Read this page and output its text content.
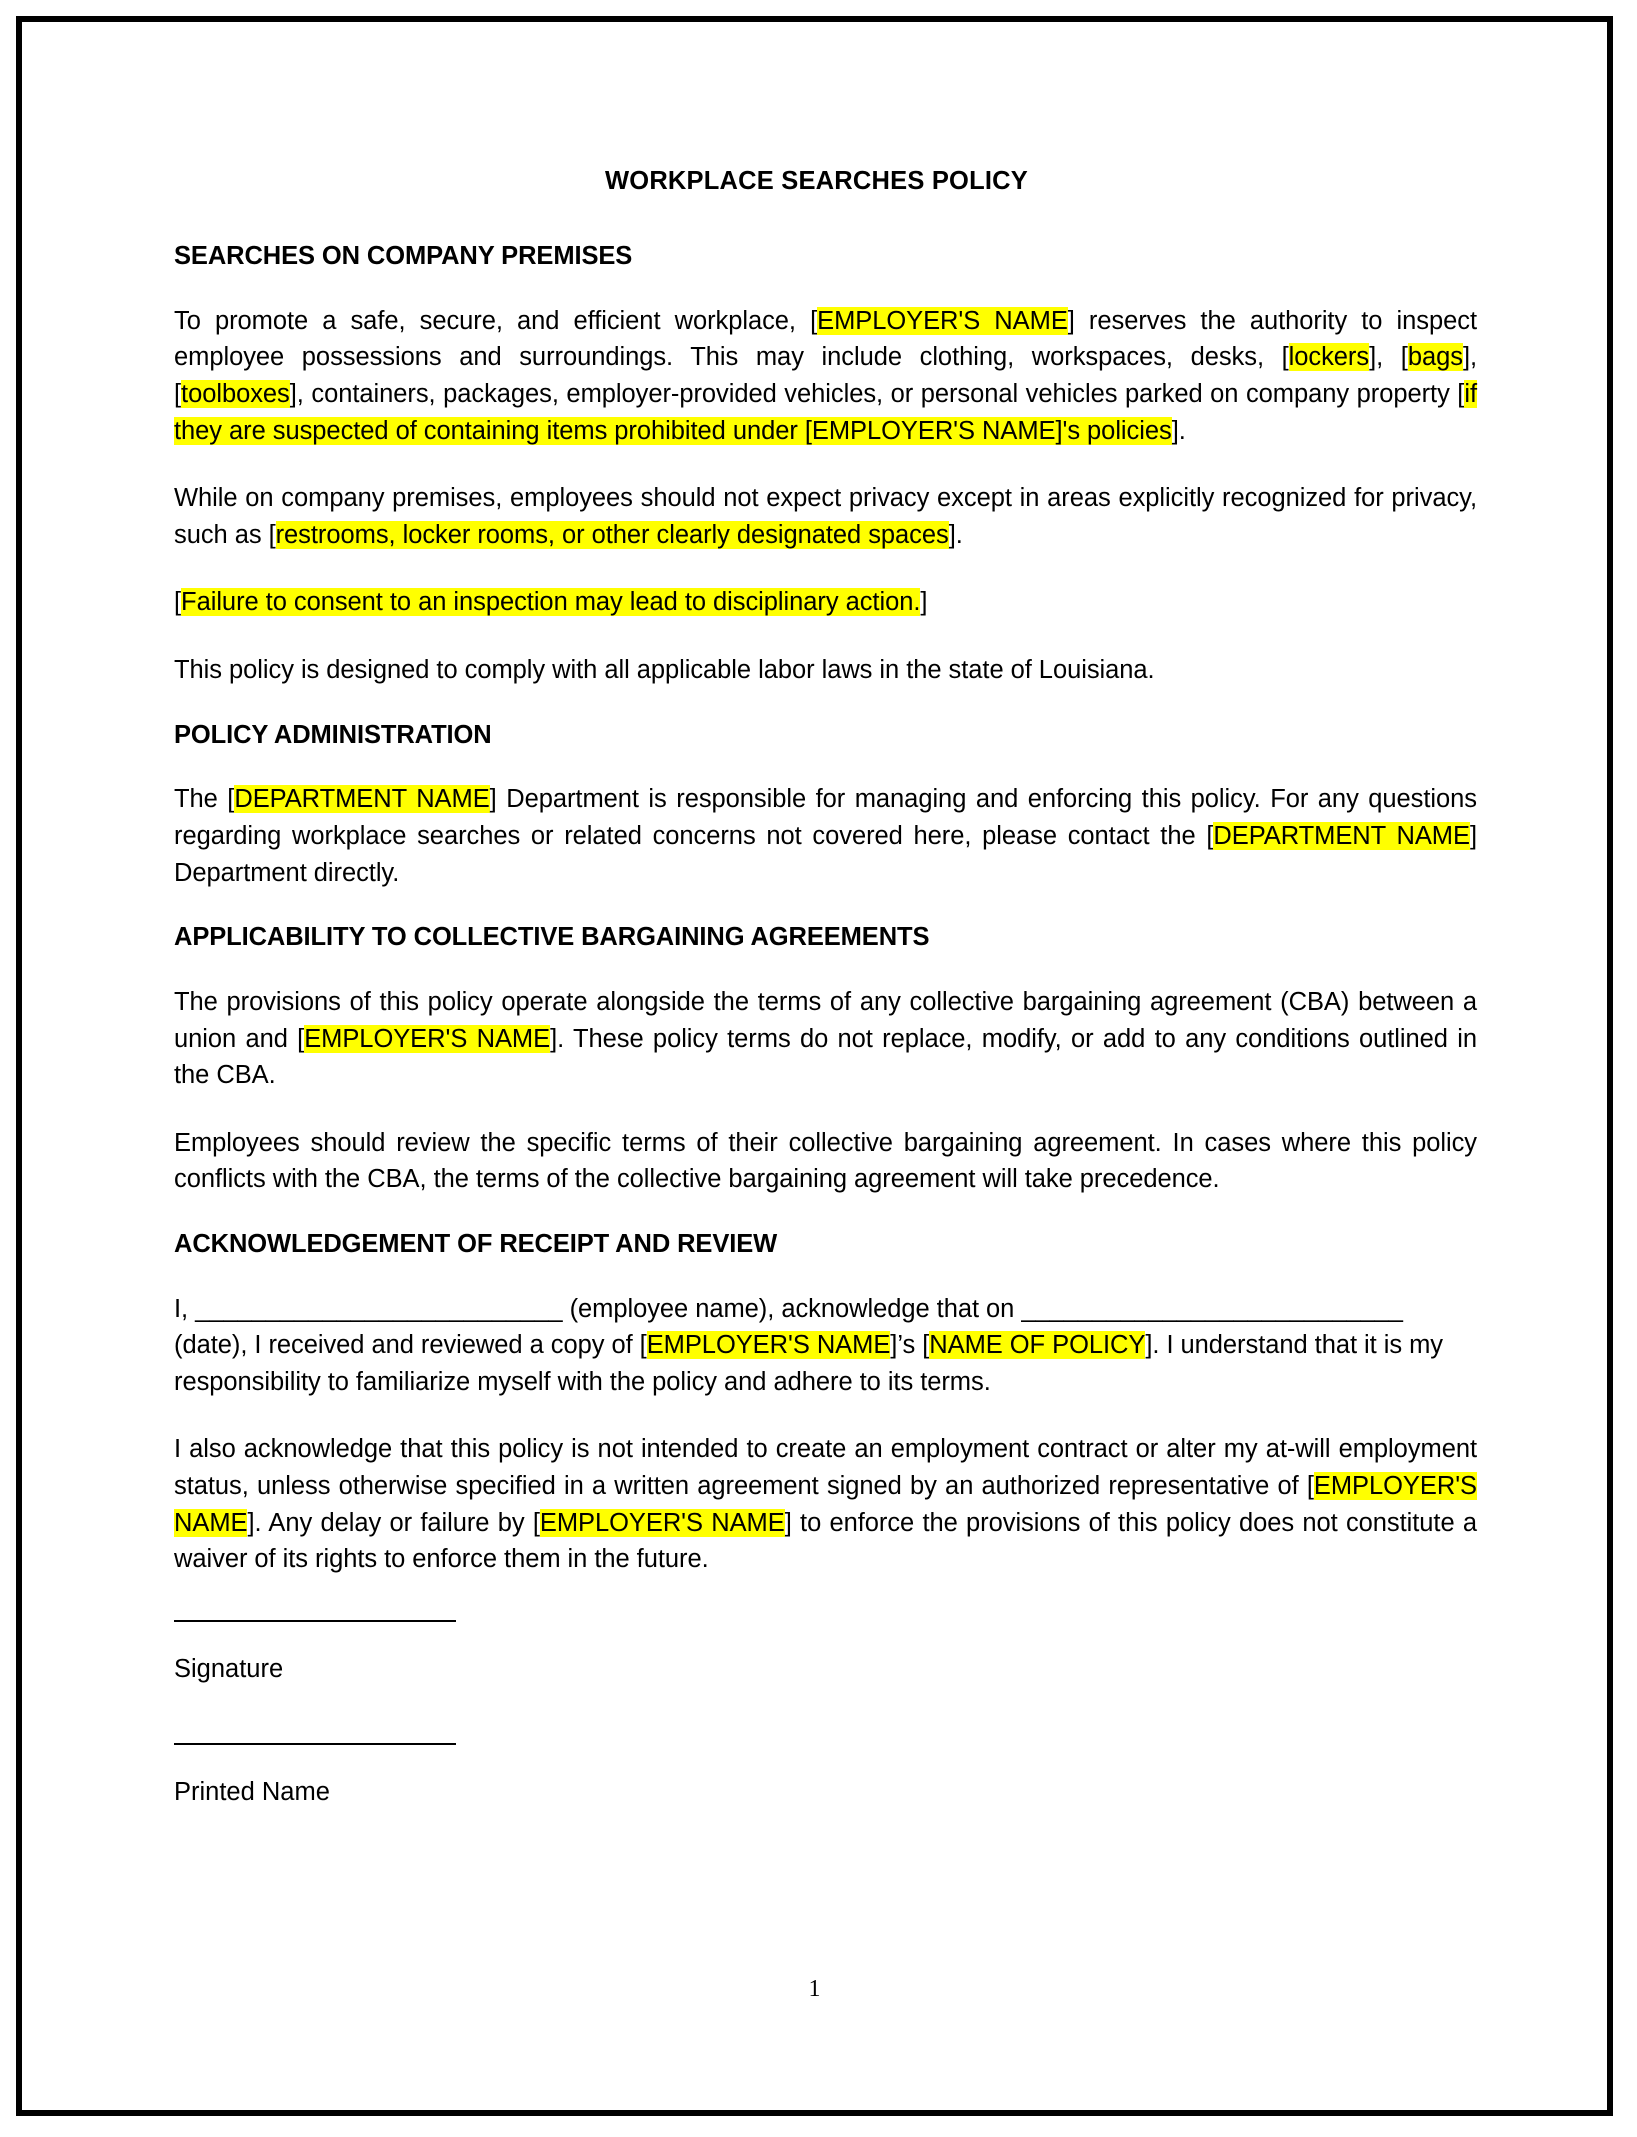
WORKPLACE SEARCHES POLICY
SEARCHES ON COMPANY PREMISES

To promote a safe, secure, and efficient workplace, [EMPLOYER'S NAME] reserves the authority to inspect employee possessions and surroundings. This may include clothing, workspaces, desks, [lockers], [bags], [toolboxes], containers, packages, employer-provided vehicles, or personal vehicles parked on company property [if they are suspected of containing items prohibited under [EMPLOYER'S NAME]'s policies].

While on company premises, employees should not expect privacy except in areas explicitly recognized for privacy, such as [restrooms, locker rooms, or other clearly designated spaces].

[Failure to consent to an inspection may lead to disciplinary action.]

This policy is designed to comply with all applicable labor laws in the state of Louisiana.

POLICY ADMINISTRATION

The [DEPARTMENT NAME] Department is responsible for managing and enforcing this policy. For any questions regarding workplace searches or related concerns not covered here, please contact the [DEPARTMENT NAME] Department directly.

APPLICABILITY TO COLLECTIVE BARGAINING AGREEMENTS

The provisions of this policy operate alongside the terms of any collective bargaining agreement (CBA) between a union and [EMPLOYER'S NAME]. These policy terms do not replace, modify, or add to any conditions outlined in the CBA.

Employees should review the specific terms of their collective bargaining agreement. In cases where this policy conflicts with the CBA, the terms of the collective bargaining agreement will take precedence.

ACKNOWLEDGEMENT OF RECEIPT AND REVIEW

I, __________________________ (employee name), acknowledge that on ___________________________ (date), I received and reviewed a copy of [EMPLOYER'S NAME]’s [NAME OF POLICY]. I understand that it is my responsibility to familiarize myself with the policy and adhere to its terms.

I also acknowledge that this policy is not intended to create an employment contract or alter my at-will employment status, unless otherwise specified in a written agreement signed by an authorized representative of [EMPLOYER'S NAME]. Any delay or failure by [EMPLOYER'S NAME] to enforce the provisions of this policy does not constitute a waiver of its rights to enforce them in the future.

Signature

Printed Name

1
